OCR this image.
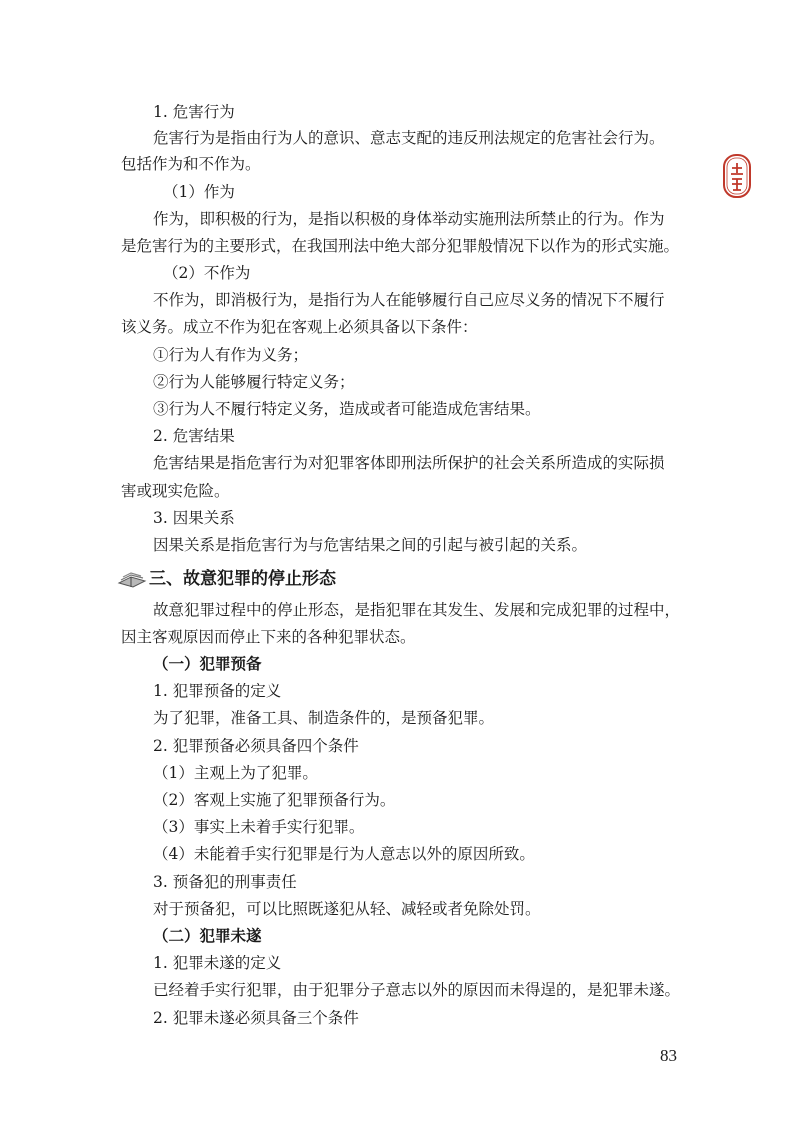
1. 危害行为
危害行为是指由行为人的意识、意志支配的违反刑法规定的危害社会行为。
包括作为和不作为。
（1）作为
作为，即积极的行为，是指以积极的身体举动实施刑法所禁止的行为。作为
是危害行为的主要形式，在我国刑法中绝大部分犯罪般情况下以作为的形式实施。
（2）不作为
不作为，即消极行为，是指行为人在能够履行自己应尽义务的情况下不履行
该义务。成立不作为犯在客观上必须具备以下条件：
①行为人有作为义务；
②行为人能够履行特定义务；
③行为人不履行特定义务，造成或者可能造成危害结果。
2. 危害结果
危害结果是指危害行为对犯罪客体即刑法所保护的社会关系所造成的实际损
害或现实危险。
3. 因果关系
因果关系是指危害行为与危害结果之间的引起与被引起的关系。
三、故意犯罪的停止形态
故意犯罪过程中的停止形态，是指犯罪在其发生、发展和完成犯罪的过程中，
因主客观原因而停止下来的各种犯罪状态。
（一）犯罪预备
1. 犯罪预备的定义
为了犯罪，准备工具、制造条件的，是预备犯罪。
2. 犯罪预备必须具备四个条件
（1）主观上为了犯罪。
（2）客观上实施了犯罪预备行为。
（3）事实上未着手实行犯罪。
（4）未能着手实行犯罪是行为人意志以外的原因所致。
3. 预备犯的刑事责任
对于预备犯，可以比照既遂犯从轻、减轻或者免除处罚。
（二）犯罪未遂
1. 犯罪未遂的定义
已经着手实行犯罪，由于犯罪分子意志以外的原因而未得逞的，是犯罪未遂。
2. 犯罪未遂必须具备三个条件
83
